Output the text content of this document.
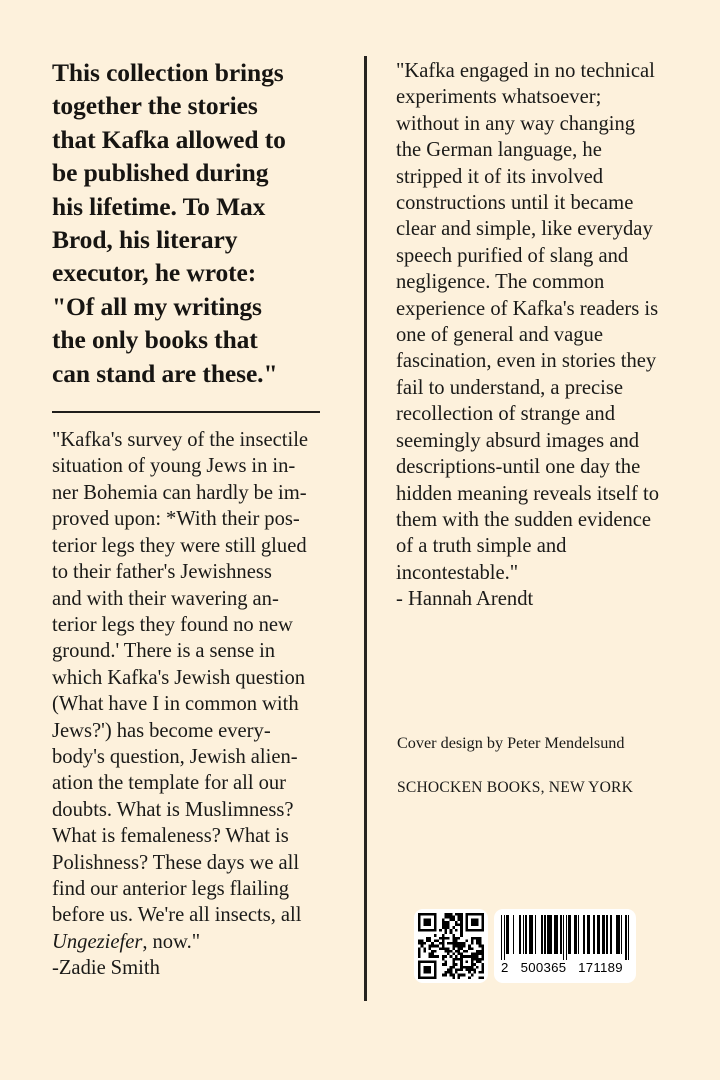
This collection brings
together the stories
that Kafka allowed to
be published during
his lifetime. To Max
Brod, his literary
executor, he wrote:
"Of all my writings
the only books that
can stand are these."
"Kafka's survey of the insectile
situation of young Jews in in-
ner Bohemia can hardly be im-
proved upon: *With their pos-
terior legs they were still glued
to their father's Jewishness
and with their wavering an-
terior legs they found no new
ground.' There is a sense in
which Kafka's Jewish question
(What have I in common with
Jews?') has become every-
body's question, Jewish alien-
ation the template for all our
doubts. What is Muslimness?
What is femaleness? What is
Polishness? These days we all
find our anterior legs flailing
before us. We're all insects, all
Ungeziefer, now."
-Zadie Smith
"Kafka engaged in no technical
experiments whatsoever;
without in any way changing
the German language, he
stripped it of its involved
constructions until it became
clear and simple, like everyday
speech purified of slang and
negligence. The common
experience of Kafka's readers is
one of general and vague
fascination, even in stories they
fail to understand, a precise
recollection of strange and
seemingly absurd images and
descriptions-until one day the
hidden meaning reveals itself to
them with the sudden evidence
of a truth simple and
incontestable."
- Hannah Arendt

Cover design by Peter Mendelsund

SCHOCKEN BOOKS, NEW YORK

2 500365 171189
